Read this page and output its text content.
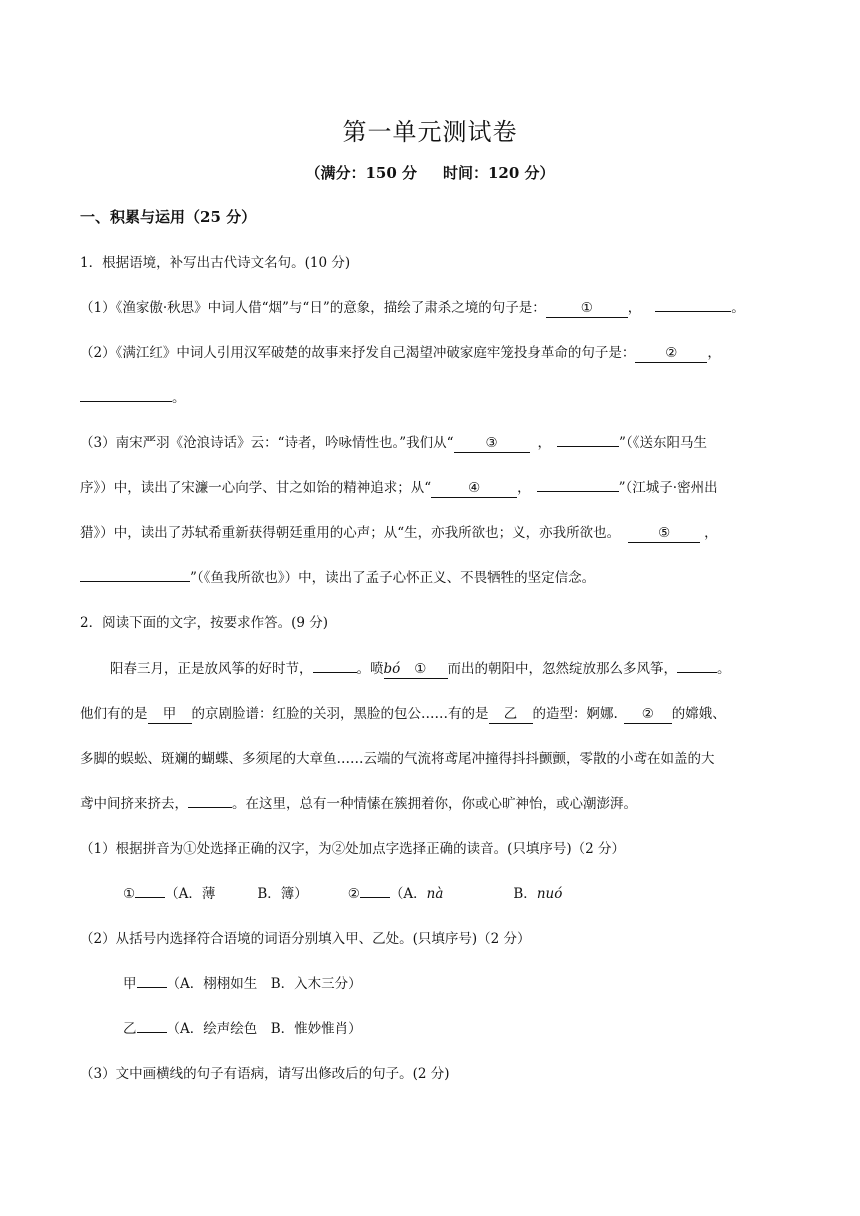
第一单元测试卷
（满分：150 分 时间：120 分）
一、积累与运用（25 分）
1．根据语境，补写出古代诗文名句。(10 分)
（1）《渔家傲·秋思》中词人借“烟”与“日”的意象，描绘了肃杀之境的句子是：	①	，	。
（2）《满江红》中词人引用汉军破楚的故事来抒发自己渴望冲破家庭牢笼投身革命的句子是： ② ，
。
（3）南宋严羽《沧浪诗话》云：“诗者，吟咏情性也。”我们从“ ③	，	”（《送东阳马生
序》）中，读出了宋濂一心向学、甘之如饴的精神追求；从“	④	，	”（江城子·密州出
猎》）中，读出了苏轼希重新获得朝廷重用的心声；从“生，亦我所欲也；义，亦我所欲也。	⑤	，
”（《鱼我所欲也》）中，读出了孟子心怀正义、不畏牺牲的坚定信念。
2．阅读下面的文字，按要求作答。(9 分)
阳春三月，正是放风筝的好时节，	。喷bó ① 而出的朝阳中，忽然绽放那么多风筝，	。
他们有的是 甲 的京剧脸谱：红脸的关羽，黑脸的包公……有的是 乙 的造型：婀娜. ② 的嫦娥、
多脚的蜈蚣、斑斓的蝴蝶、多须尾的大章鱼……云端的气流将鸢尾冲撞得抖抖颤颤，零散的小鸢在如盖的大
鸢中间挤来挤去，	。在这里，总有一种情愫在簇拥着你，你或心旷神怡，或心潮澎湃。
（1）根据拼音为①处选择正确的汉字，为②处加点字选择正确的读音。(只填序号)（2 分）
① （A．薄	B．簿）	② （A．nà	B．nuó
（2）从括号内选择符合语境的词语分别填入甲、乙处。(只填序号)（2 分）
甲 （A．栩栩如生　B．入木三分）
乙 （A．绘声绘色　B．惟妙惟肖）
（3）文中画横线的句子有语病，请写出修改后的句子。(2 分)
